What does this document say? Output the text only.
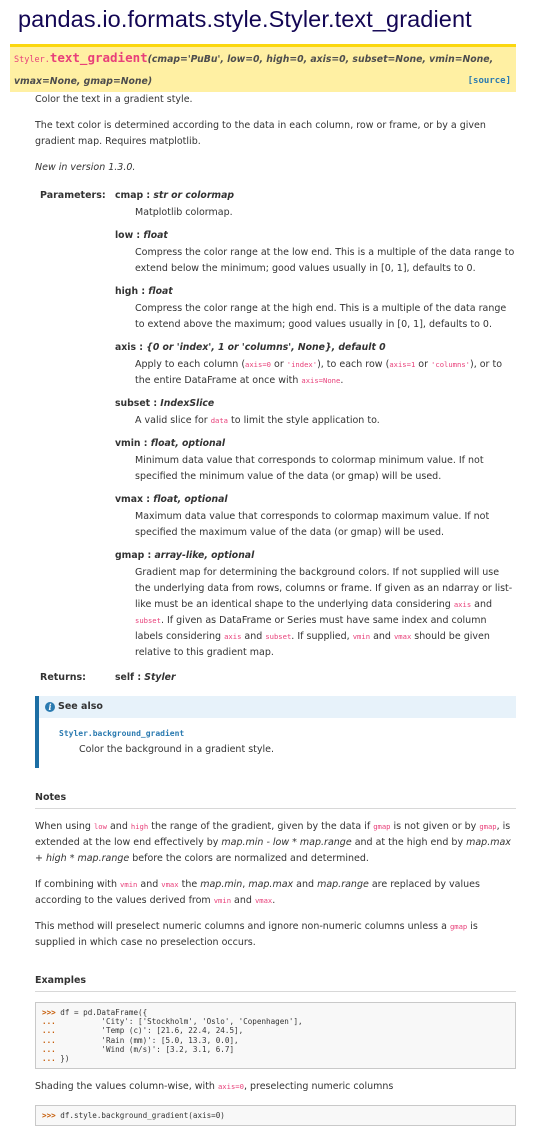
pandas.io.formats.style.Styler.text_gradient
Styler.text_gradient(cmap='PuBu', low=0, high=0, axis=0, subset=None, vmin=None,
vmax=None, gmap=None)	[source]

Color the text in a gradient style.

The text color is determined according to the data in each column, row or frame, or by a given gradient map. Requires matplotlib.

New in version 1.3.0.

Parameters:	cmap : str or colormap
Matplotlib colormap.
low : float
Compress the color range at the low end. This is a multiple of the data range to extend below the minimum; good values usually in [0, 1], defaults to 0.
high : float
Compress the color range at the high end. This is a multiple of the data range to extend above the maximum; good values usually in [0, 1], defaults to 0.
axis : {0 or 'index', 1 or 'columns', None}, default 0
Apply to each column (axis=0 or 'index'), to each row (axis=1 or 'columns'), or to the entire DataFrame at once with axis=None.
subset : IndexSlice
A valid slice for data to limit the style application to.
vmin : float, optional
Minimum data value that corresponds to colormap minimum value. If not specified the minimum value of the data (or gmap) will be used.
vmax : float, optional
Maximum data value that corresponds to colormap maximum value. If not specified the maximum value of the data (or gmap) will be used.
gmap : array-like, optional
Gradient map for determining the background colors. If not supplied will use the underlying data from rows, columns or frame. If given as an ndarray or list-like must be an identical shape to the underlying data considering axis and subset. If given as DataFrame or Series must have same index and column labels considering axis and subset. If supplied, vmin and vmax should be given relative to this gradient map.
Returns:	self : Styler
i See also
Styler.background_gradient
Color the background in a gradient style.
Notes

When using low and high the range of the gradient, given by the data if gmap is not given or by gmap, is extended at the low end effectively by map.min - low * map.range and at the high end by map.max + high * map.range before the colors are normalized and determined.

If combining with vmin and vmax the map.min, map.max and map.range are replaced by values according to the values derived from vmin and vmax.

This method will preselect numeric columns and ignore non-numeric columns unless a gmap is supplied in which case no preselection occurs.

Examples
>>> df = pd.DataFrame({
...          'City': ['Stockholm', 'Oslo', 'Copenhagen'],
...          'Temp (c)': [21.6, 22.4, 24.5],
...          'Rain (mm)': [5.0, 13.3, 0.0],
...          'Wind (m/s)': [3.2, 3.1, 6.7]
... })

Shading the values column-wise, with axis=0, preselecting numeric columns

>>> df.style.background_gradient(axis=0)
